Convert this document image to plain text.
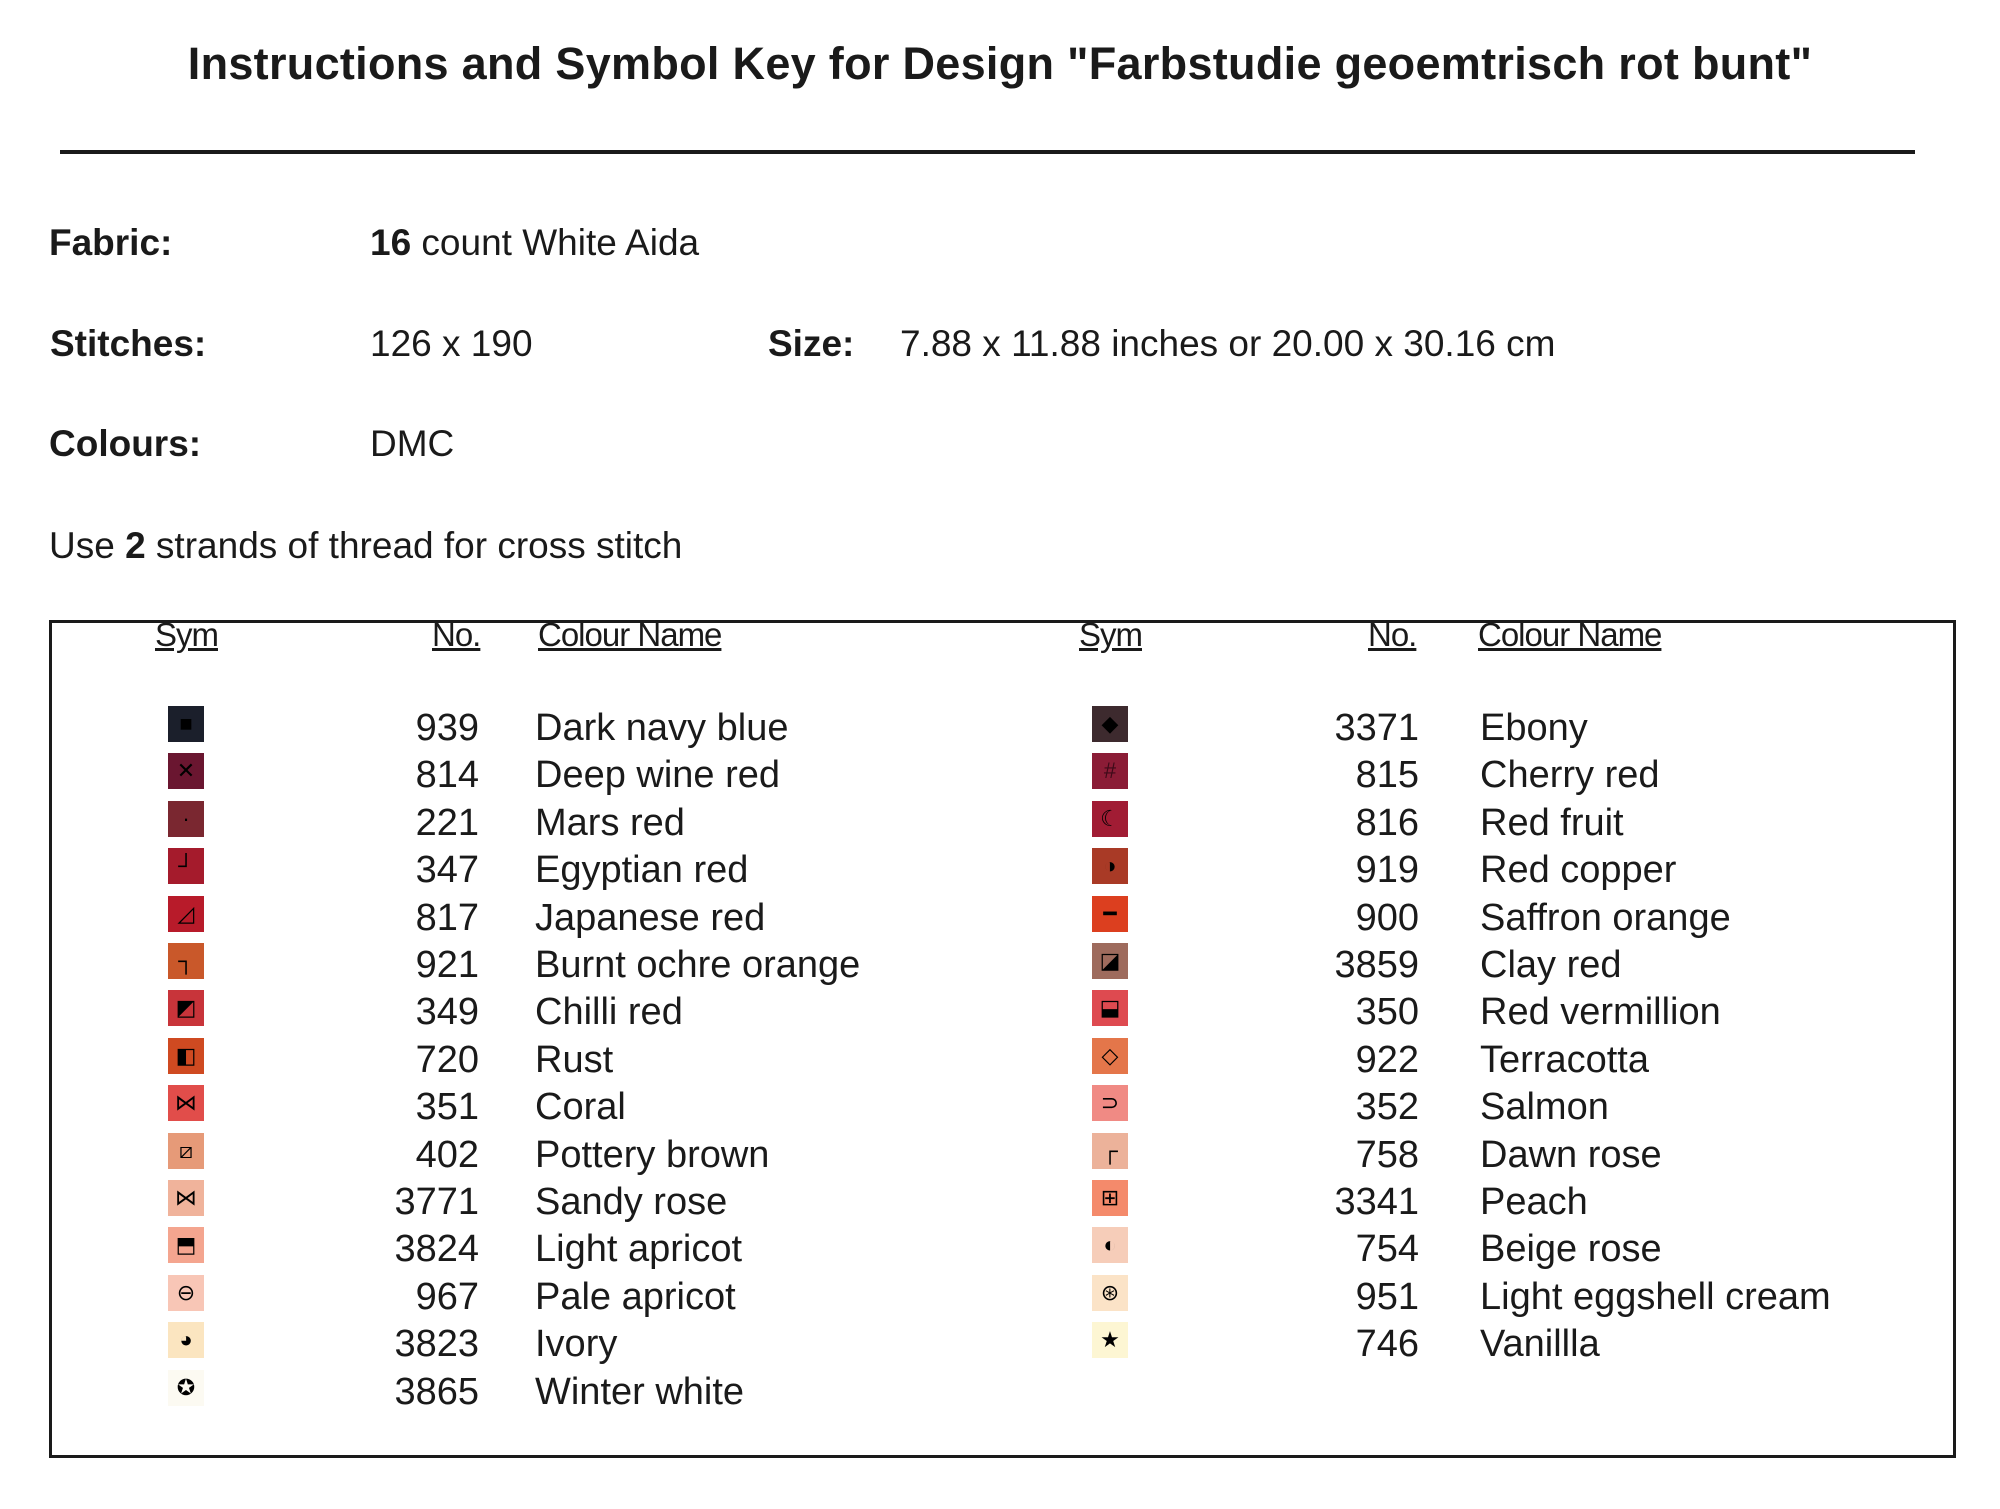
Instructions and Symbol Key for Design "Farbstudie geoemtrisch rot bunt"
Fabric:	16 count White Aida
Stitches:	126 x 190	Size: 7.88 x 11.88 inches or 20.00 x 30.16 cm
Colours:	DMC
Use 2 strands of thread for cross stitch
Sym	No. Colour Name	Sym	No. Colour Name
■	939 Dark navy blue
✕	814 Deep wine red
·	221 Mars red
┘	347 Egyptian red
◿	817 Japanese red
┐	921 Burnt ochre orange
◩	349 Chilli red
◧	720 Rust
⋈	351 Coral
⧄	402 Pottery brown
⋈	3771 Sandy rose
⬒	3824 Light apricot
⊖	967 Pale apricot
◕	3823 Ivory
✪	3865 Winter white
◆	3371 Ebony
#	815 Cherry red
☾	816 Red fruit
◑	919 Red copper
━	900 Saffron orange
◪	3859 Clay red
⬓	350 Red vermillion
◇	922 Terracotta
⊃	352 Salmon
┌	758 Dawn rose
⊞	3341 Peach
◐	754 Beige rose
⊛	951 Light eggshell cream
★	746 Vanillla
